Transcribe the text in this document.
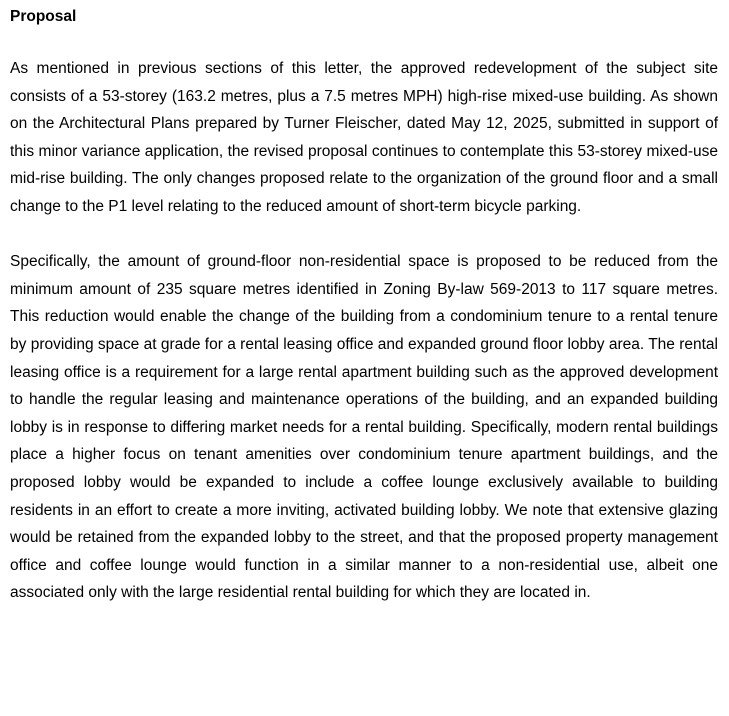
Proposal

As mentioned in previous sections of this letter, the approved redevelopment of the subject site consists of a 53-storey (163.2 metres, plus a 7.5 metres MPH) high-rise mixed-use building. As shown on the Architectural Plans prepared by Turner Fleischer, dated May 12, 2025, submitted in support of this minor variance application, the revised proposal continues to contemplate this 53-storey mixed-use mid-rise building. The only changes proposed relate to the organization of the ground floor and a small change to the P1 level relating to the reduced amount of short-term bicycle parking.

Specifically, the amount of ground-floor non-residential space is proposed to be reduced from the minimum amount of 235 square metres identified in Zoning By-law 569-2013 to 117 square metres. This reduction would enable the change of the building from a condominium tenure to a rental tenure by providing space at grade for a rental leasing office and expanded ground floor lobby area. The rental leasing office is a requirement for a large rental apartment building such as the approved development to handle the regular leasing and maintenance operations of the building, and an expanded building lobby is in response to differing market needs for a rental building. Specifically, modern rental buildings place a higher focus on tenant amenities over condominium tenure apartment buildings, and the proposed lobby would be expanded to include a coffee lounge exclusively available to building residents in an effort to create a more inviting, activated building lobby. We note that extensive glazing would be retained from the expanded lobby to the street, and that the proposed property management office and coffee lounge would function in a similar manner to a non-residential use, albeit one associated only with the large residential rental building for which they are located in.
